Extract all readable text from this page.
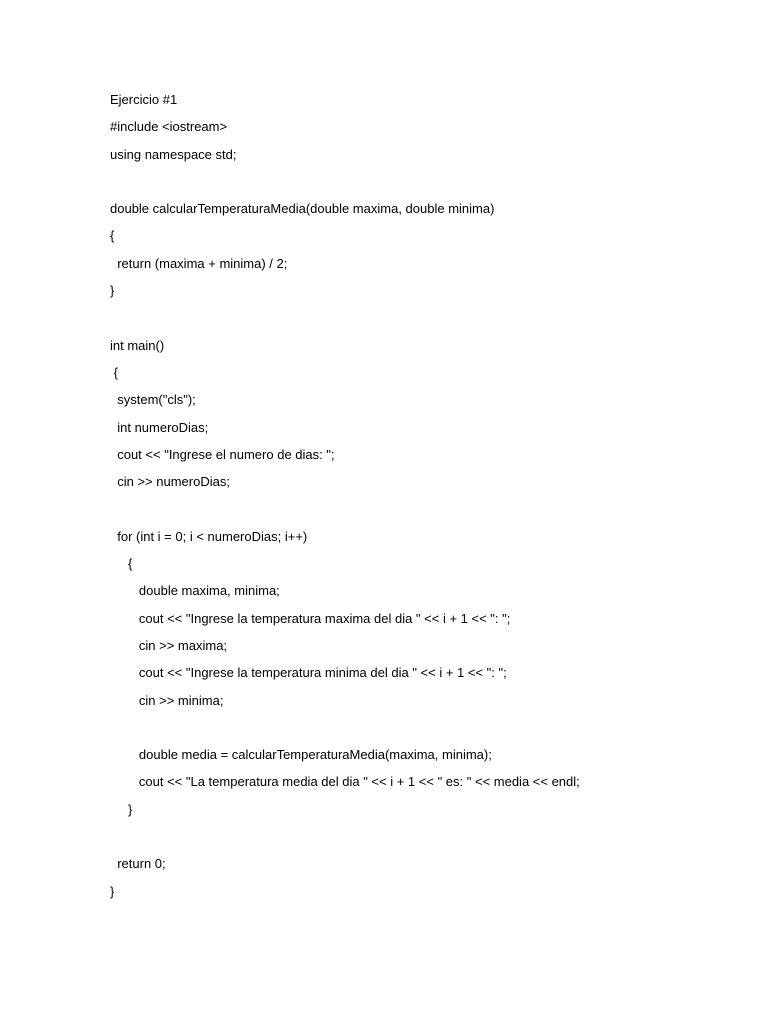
Ejercicio #1
#include <iostream>
using namespace std;
double calcularTemperaturaMedia(double maxima, double minima)
{
return (maxima + minima) / 2;
}
int main()
{
system("cls");
int numeroDias;
cout << "Ingrese el numero de dias: ";
cin >> numeroDias;
for (int i = 0; i < numeroDias; i++)
{
double maxima, minima;
cout << "Ingrese la temperatura maxima del dia " << i + 1 << ": ";
cin >> maxima;
cout << "Ingrese la temperatura minima del dia " << i + 1 << ": ";
cin >> minima;
double media = calcularTemperaturaMedia(maxima, minima);
cout << "La temperatura media del dia " << i + 1 << " es: " << media << endl;
}
return 0;
}
